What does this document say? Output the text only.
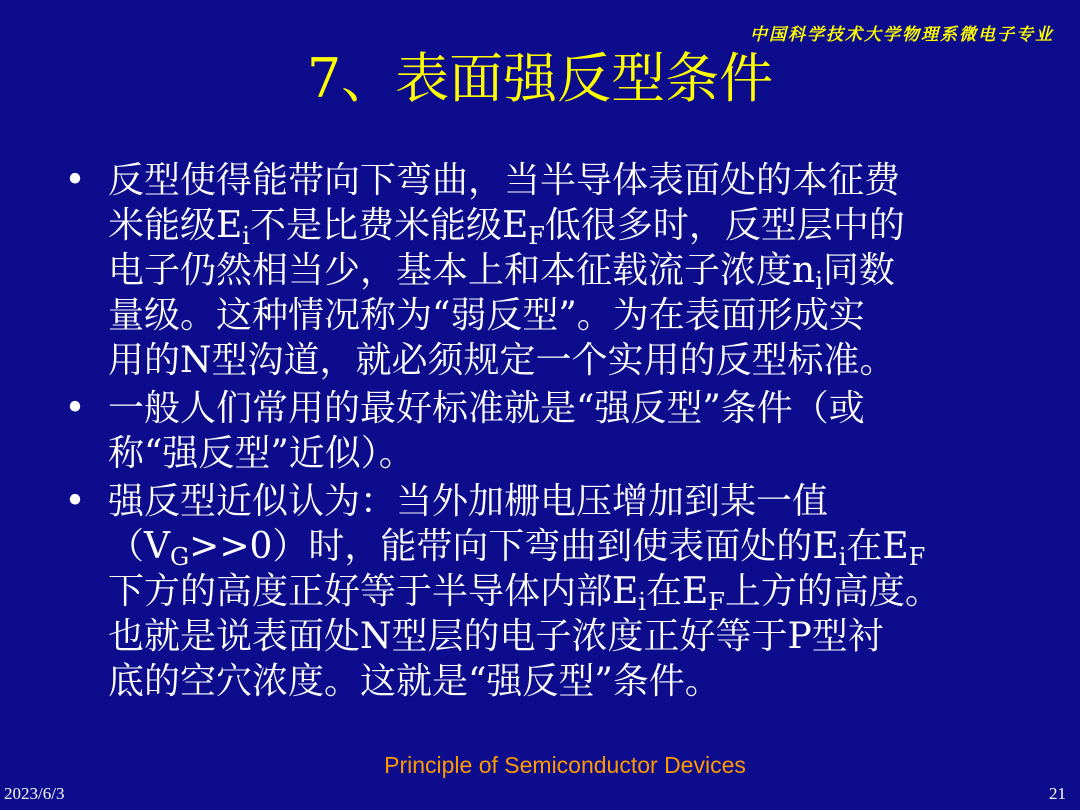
中国科学技术大学物理系微电子专业
7、表面强反型条件
• 反型使得能带向下弯曲，当半导体表面处的本征费
米能级$E_i$不是比费米能级$E_F$低很多时，反型层中的
电子仍然相当少，基本上和本征载流子浓度$n_i$同数
量级。这种情况称为“弱反型”。为在表面形成实
用的N型沟道，就必须规定一个实用的反型标准。
• 一般人们常用的最好标准就是“强反型”条件（或
称“强反型”近似）。
• 强反型近似认为：当外加栅电压增加到某一值
$(V_G>>0)$时，能带向下弯曲到使表面处的$E_i$在$E_F$
下方的高度正好等于半导体内部$E_i$在$E_F$上方的高度。
也就是说表面处N型层的电子浓度正好等于P型衬
底的空穴浓度。这就是“强反型”条件。
Principle of Semiconductor Devices
2023/6/3	21
